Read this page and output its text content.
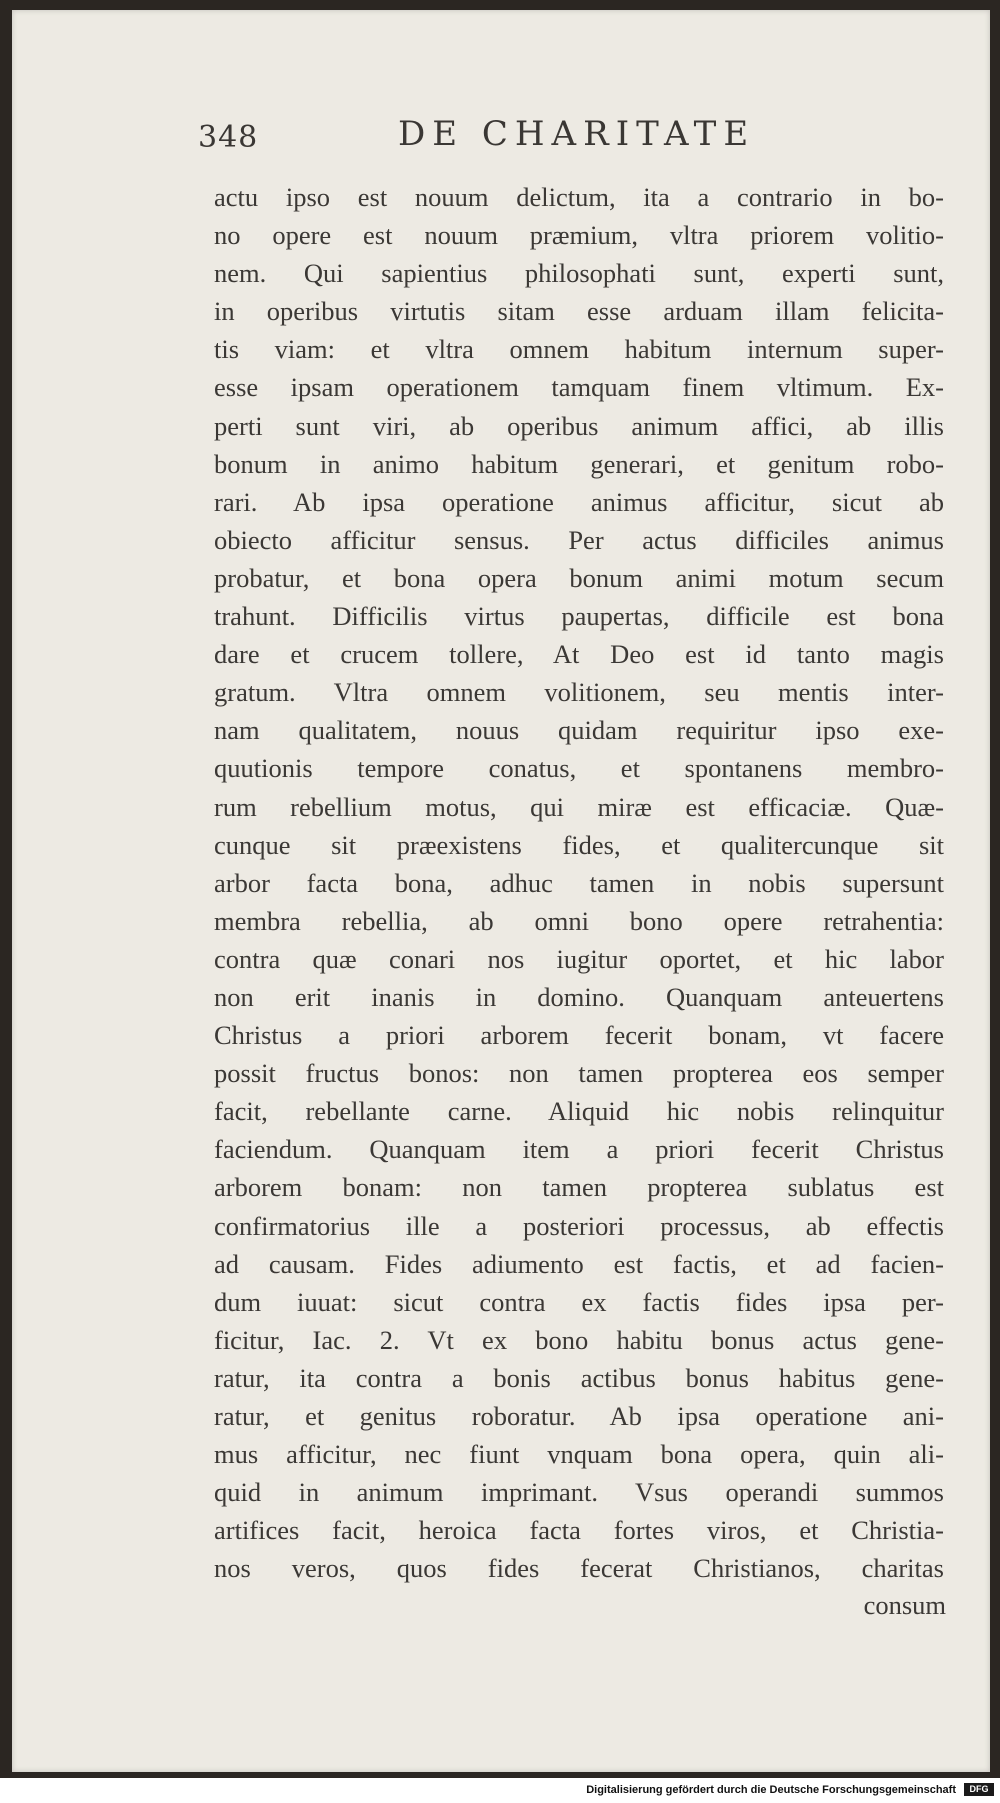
348	DE CHARITATE
actu ipso est nouum delictum, ita a contrario in bo-
no opere est nouum præmium, vltra priorem volitio-
nem. Qui sapientius philosophati sunt, experti sunt,
in operibus virtutis sitam esse arduam illam felicita-
tis viam: et vltra omnem habitum internum super-
esse ipsam operationem tamquam finem vltimum. Ex-
perti sunt viri, ab operibus animum affici, ab illis
bonum in animo habitum generari, et genitum robo-
rari. Ab ipsa operatione animus afficitur, sicut ab
obiecto afficitur sensus. Per actus difficiles animus
probatur, et bona opera bonum animi motum secum
trahunt. Difficilis virtus paupertas, difficile est bona
dare et crucem tollere, At Deo est id tanto magis
gratum. Vltra omnem volitionem, seu mentis inter-
nam qualitatem, nouus quidam requiritur ipso exe-
quutionis tempore conatus, et spontanens membro-
rum rebellium motus, qui miræ est efficaciæ. Quæ-
cunque sit præexistens fides, et qualitercunque sit
arbor facta bona, adhuc tamen in nobis supersunt
membra rebellia, ab omni bono opere retrahentia:
contra quæ conari nos iugitur oportet, et hic labor
non erit inanis in domino. Quanquam anteuertens
Christus a priori arborem fecerit bonam, vt facere
possit fructus bonos: non tamen propterea eos semper
facit, rebellante carne. Aliquid hic nobis relinquitur
faciendum. Quanquam item a priori fecerit Christus
arborem bonam: non tamen propterea sublatus est
confirmatorius ille a posteriori processus, ab effectis
ad causam. Fides adiumento est factis, et ad facien-
dum iuuat: sicut contra ex factis fides ipsa per-
ficitur, Iac. 2. Vt ex bono habitu bonus actus gene-
ratur, ita contra a bonis actibus bonus habitus gene-
ratur, et genitus roboratur. Ab ipsa operatione ani-
mus afficitur, nec fiunt vnquam bona opera, quin ali-
quid in animum imprimant. Vsus operandi summos
artifices facit, heroica facta fortes viros, et Christia-
nos veros, quos fides fecerat Christianos, charitas
consum
Digitalisierung gefördert durch die Deutsche Forschungsgemeinschaft	DFG
